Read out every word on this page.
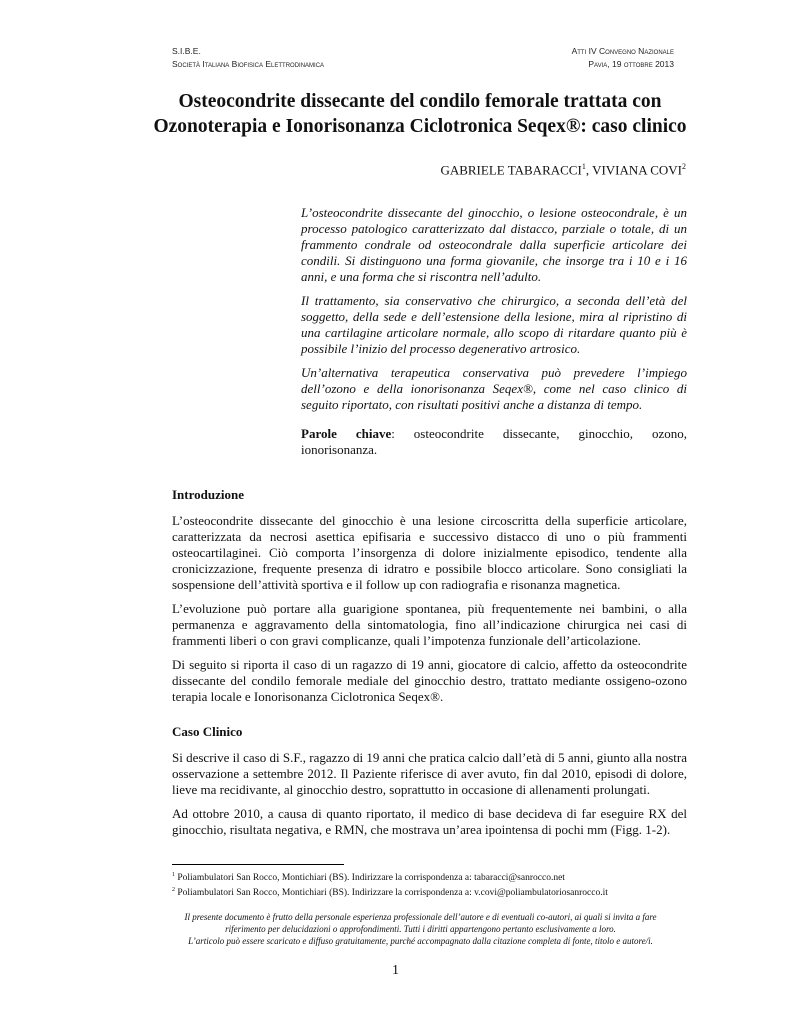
S.I.B.E.
Società Italiana Biofisica Elettrodinamica
Atti IV Convegno Nazionale
Pavia, 19 ottobre 2013
Osteocondrite dissecante del condilo femorale trattata con
Ozonoterapia e Ionorisonanza Ciclotronica Seqex®: caso clinico
GABRIELE TABARACCI$^1$, VIVIANA COVI$^2$

L’osteocondrite dissecante del ginocchio, o lesione osteocondrale, è un processo patologico caratterizzato dal distacco, parziale o totale, di un frammento condrale od osteocondrale dalla superficie articolare dei condili. Si distinguono una forma giovanile, che insorge tra i 10 e i 16 anni, e una forma che si riscontra nell’adulto.

Il trattamento, sia conservativo che chirurgico, a seconda dell’età del soggetto, della sede e dell’estensione della lesione, mira al ripristino di una cartilagine articolare normale, allo scopo di ritardare quanto più è possibile l’inizio del processo degenerativo artrosico.

Un’alternativa terapeutica conservativa può prevedere l’impiego dell’ozono e della ionorisonanza Seqex®, come nel caso clinico di seguito riportato, con risultati positivi anche a distanza di tempo.

Parole chiave: osteocondrite dissecante, ginocchio, ozono, ionorisonanza.
Introduzione

L’osteocondrite dissecante del ginocchio è una lesione circoscritta della superficie articolare, caratterizzata da necrosi asettica epifisaria e successivo distacco di uno o più frammenti osteocartilaginei. Ciò comporta l’insorgenza di dolore inizialmente episodico, tendente alla cronicizzazione, frequente presenza di idratro e possibile blocco articolare. Sono consigliati la sospensione dell’attività sportiva e il follow up con radiografia e risonanza magnetica.

L’evoluzione può portare alla guarigione spontanea, più frequentemente nei bambini, o alla permanenza e aggravamento della sintomatologia, fino all’indicazione chirurgica nei casi di frammenti liberi o con gravi complicanze, quali l’impotenza funzionale dell’articolazione.

Di seguito si riporta il caso di un ragazzo di 19 anni, giocatore di calcio, affetto da osteocondrite dissecante del condilo femorale mediale del ginocchio destro, trattato mediante ossigeno-ozono terapia locale e Ionorisonanza Ciclotronica Seqex®.

Caso Clinico

Si descrive il caso di S.F., ragazzo di 19 anni che pratica calcio dall’età di 5 anni, giunto alla nostra osservazione a settembre 2012. Il Paziente riferisce di aver avuto, fin dal 2010, episodi di dolore, lieve ma recidivante, al ginocchio destro, soprattutto in occasione di allenamenti prolungati.

Ad ottobre 2010, a causa di quanto riportato, il medico di base decideva di far eseguire RX del ginocchio, risultata negativa, e RMN, che mostrava un’area ipointensa di pochi mm (Figg. 1-2).

$^1$ Poliambulatori San Rocco, Montichiari (BS). Indirizzare la corrispondenza a: tabaracci@sanrocco.net
$^2$ Poliambulatori San Rocco, Montichiari (BS). Indirizzare la corrispondenza a: v.covi@poliambulatoriosanrocco.it
Il presente documento è frutto della personale esperienza professionale dell’autore e di eventuali co-autori, ai quali si invita a fare
riferimento per delucidazioni o approfondimenti. Tutti i diritti appartengono pertanto esclusivamente a loro.
L’articolo può essere scaricato e diffuso gratuitamente, purché accompagnato dalla citazione completa di fonte, titolo e autore/i.
1
